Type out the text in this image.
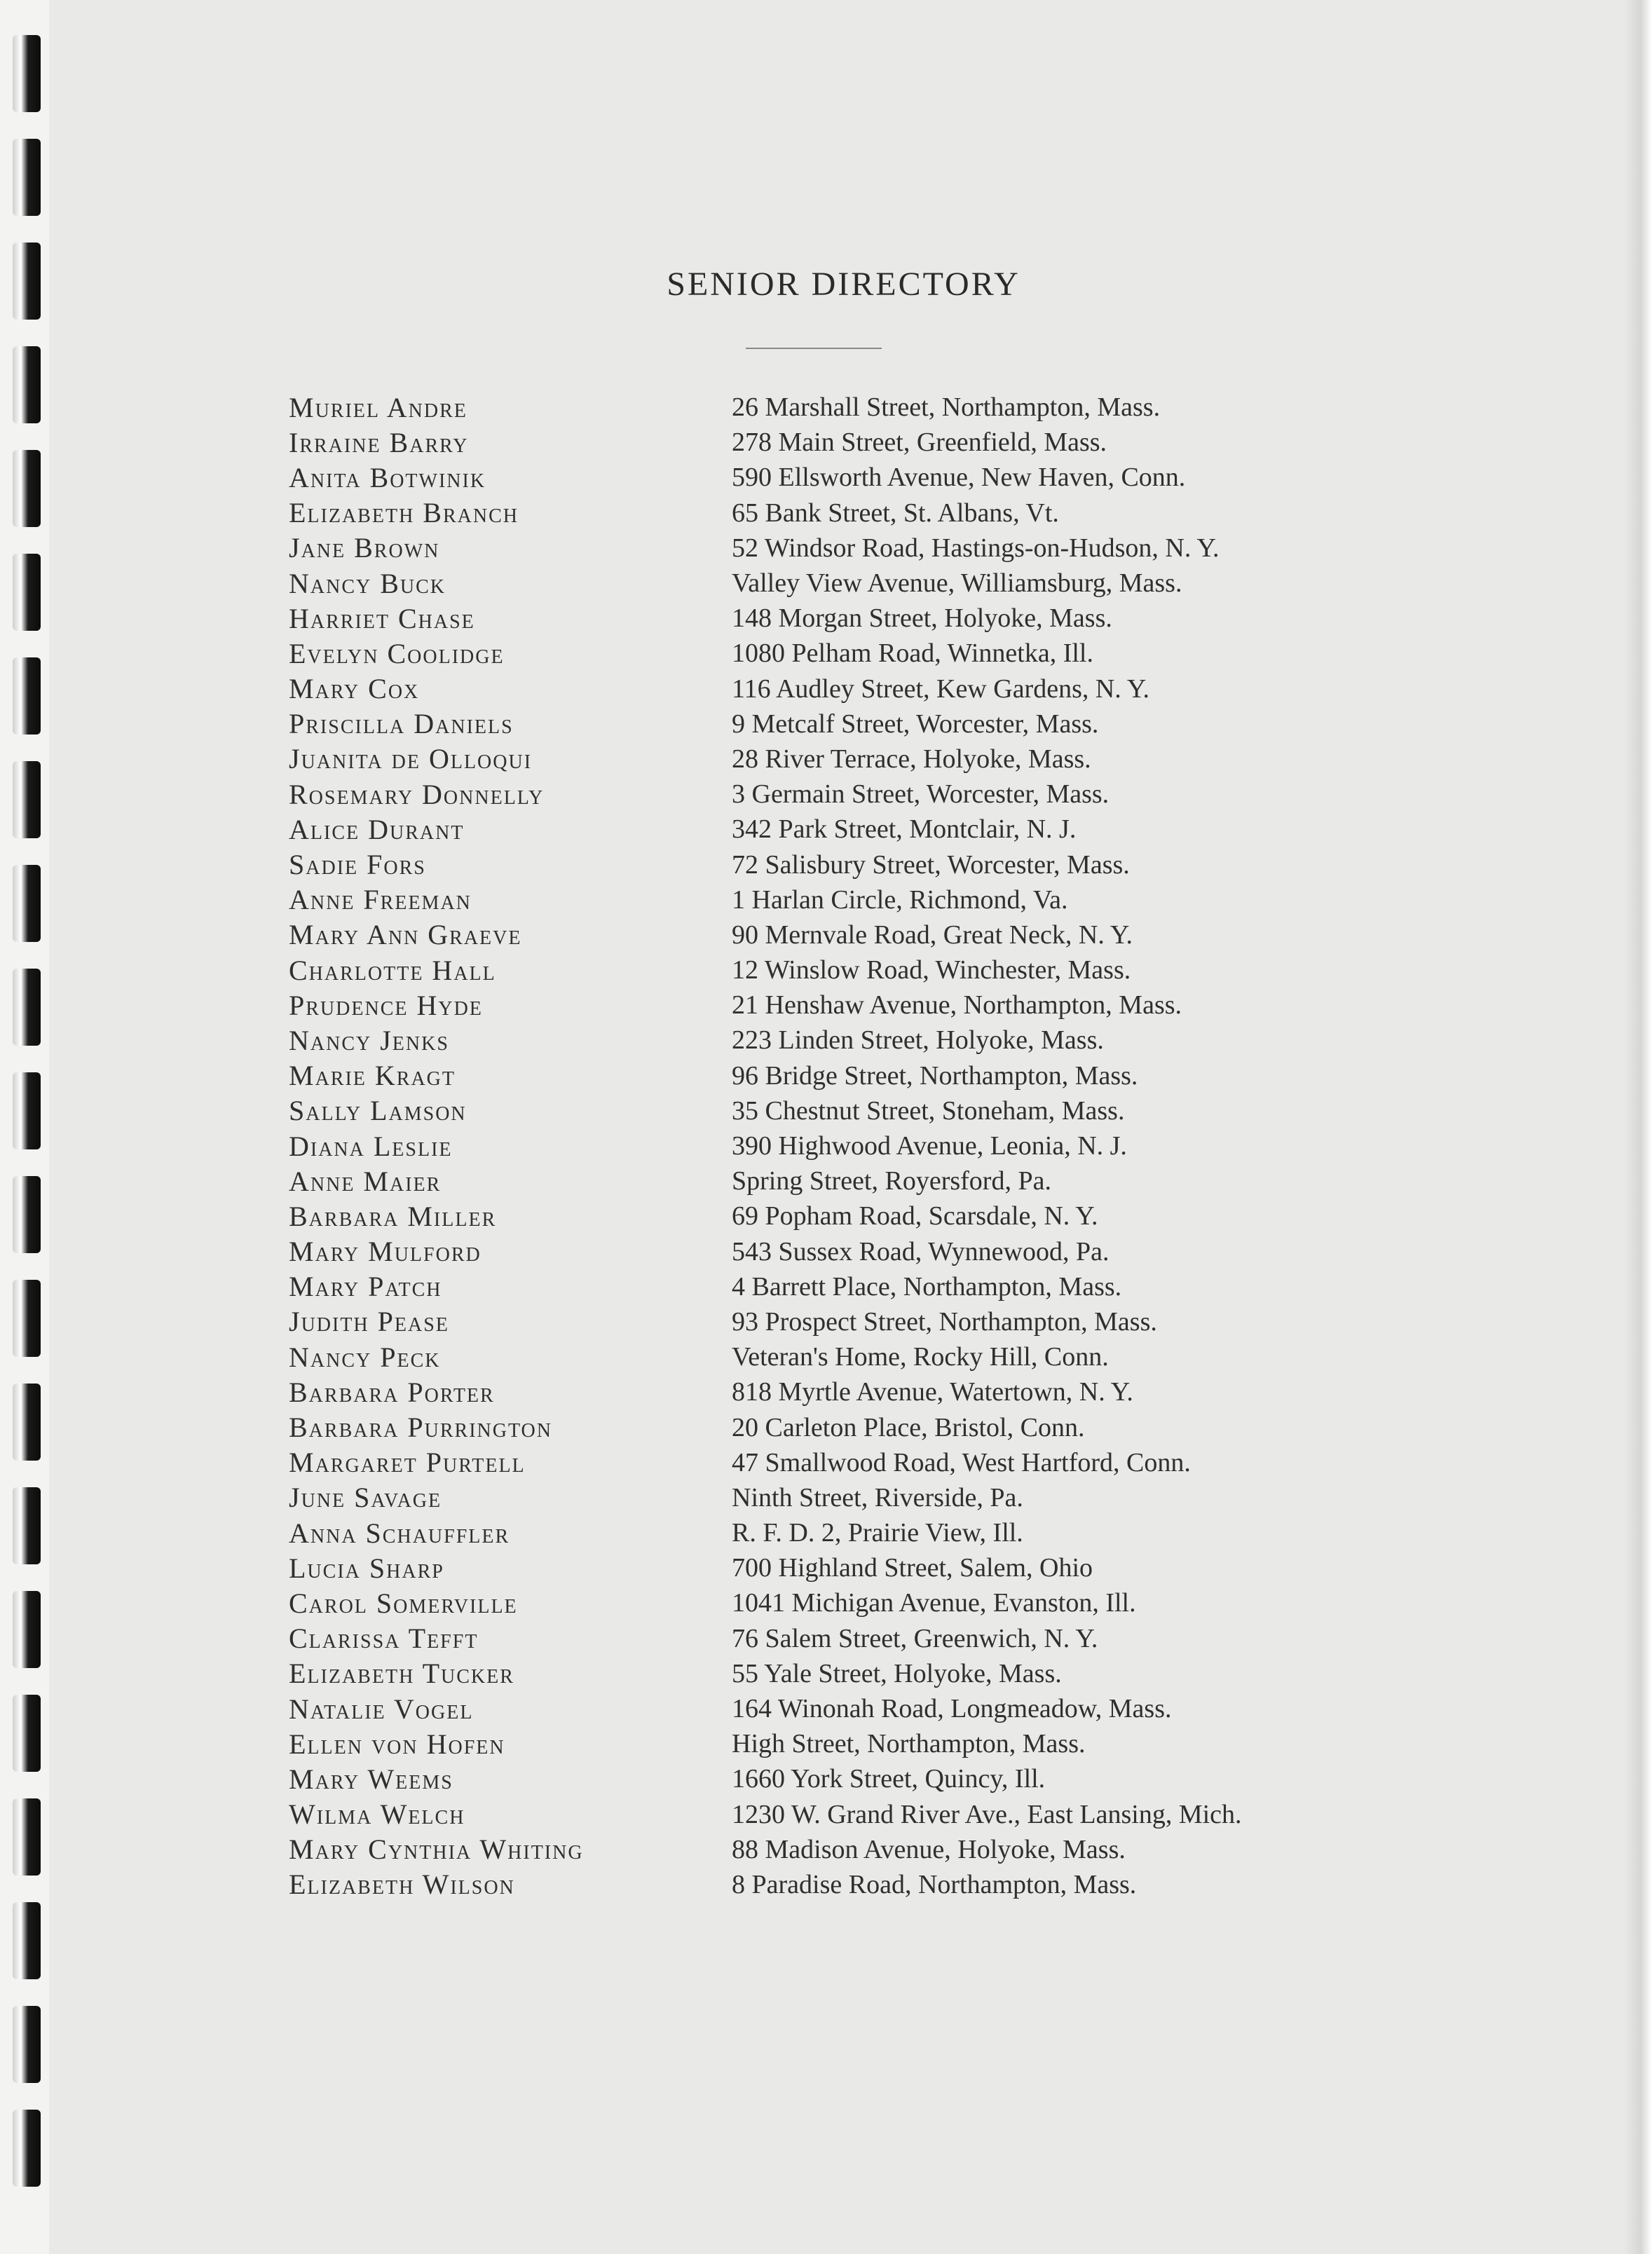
SENIOR DIRECTORY
Muriel Andre	26 Marshall Street, Northampton, Mass.
Irraine Barry	278 Main Street, Greenfield, Mass.
Anita Botwinik	590 Ellsworth Avenue, New Haven, Conn.
Elizabeth Branch	65 Bank Street, St. Albans, Vt.
Jane Brown	52 Windsor Road, Hastings-on-Hudson, N. Y.
Nancy Buck	Valley View Avenue, Williamsburg, Mass.
Harriet Chase	148 Morgan Street, Holyoke, Mass.
Evelyn Coolidge	1080 Pelham Road, Winnetka, Ill.
Mary Cox	116 Audley Street, Kew Gardens, N. Y.
Priscilla Daniels	9 Metcalf Street, Worcester, Mass.
Juanita de Olloqui	28 River Terrace, Holyoke, Mass.
Rosemary Donnelly	3 Germain Street, Worcester, Mass.
Alice Durant	342 Park Street, Montclair, N. J.
Sadie Fors	72 Salisbury Street, Worcester, Mass.
Anne Freeman	1 Harlan Circle, Richmond, Va.
Mary Ann Graeve	90 Mernvale Road, Great Neck, N. Y.
Charlotte Hall	12 Winslow Road, Winchester, Mass.
Prudence Hyde	21 Henshaw Avenue, Northampton, Mass.
Nancy Jenks	223 Linden Street, Holyoke, Mass.
Marie Kragt	96 Bridge Street, Northampton, Mass.
Sally Lamson	35 Chestnut Street, Stoneham, Mass.
Diana Leslie	390 Highwood Avenue, Leonia, N. J.
Anne Maier	Spring Street, Royersford, Pa.
Barbara Miller	69 Popham Road, Scarsdale, N. Y.
Mary Mulford	543 Sussex Road, Wynnewood, Pa.
Mary Patch	4 Barrett Place, Northampton, Mass.
Judith Pease	93 Prospect Street, Northampton, Mass.
Nancy Peck	Veteran's Home, Rocky Hill, Conn.
Barbara Porter	818 Myrtle Avenue, Watertown, N. Y.
Barbara Purrington	20 Carleton Place, Bristol, Conn.
Margaret Purtell	47 Smallwood Road, West Hartford, Conn.
June Savage	Ninth Street, Riverside, Pa.
Anna Schauffler	R. F. D. 2, Prairie View, Ill.
Lucia Sharp	700 Highland Street, Salem, Ohio
Carol Somerville	1041 Michigan Avenue, Evanston, Ill.
Clarissa Tefft	76 Salem Street, Greenwich, N. Y.
Elizabeth Tucker	55 Yale Street, Holyoke, Mass.
Natalie Vogel	164 Winonah Road, Longmeadow, Mass.
Ellen von Hofen	High Street, Northampton, Mass.
Mary Weems	1660 York Street, Quincy, Ill.
Wilma Welch	1230 W. Grand River Ave., East Lansing, Mich.
Mary Cynthia Whiting	88 Madison Avenue, Holyoke, Mass.
Elizabeth Wilson	8 Paradise Road, Northampton, Mass.
